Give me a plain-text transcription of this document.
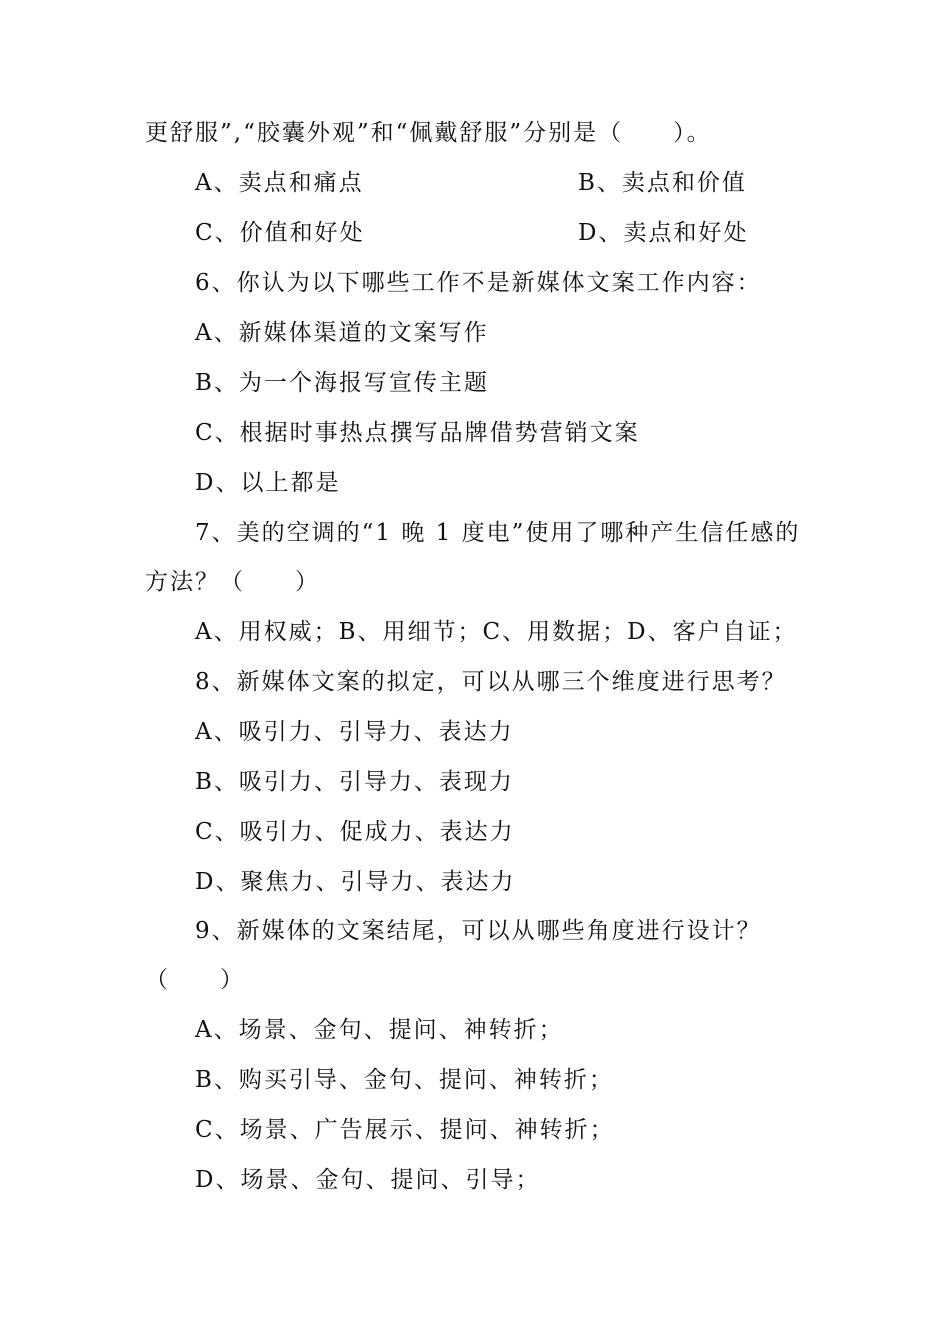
更舒服”,“胶囊外观”和“佩戴舒服”分别是（　　）。
A、卖点和痛点	B、卖点和价值
C、价值和好处	D、卖点和好处
6、你认为以下哪些工作不是新媒体文案工作内容：
A、新媒体渠道的文案写作
B、为一个海报写宣传主题
C、根据时事热点撰写品牌借势营销文案
D、以上都是
7、美的空调的“1 晚 1 度电”使用了哪种产生信任感的
方法？（　　）
A、用权威；B、用细节；C、用数据；D、客户自证；
8、新媒体文案的拟定，可以从哪三个维度进行思考？
A、吸引力、引导力、表达力
B、吸引力、引导力、表现力
C、吸引力、促成力、表达力
D、聚焦力、引导力、表达力
9、新媒体的文案结尾，可以从哪些角度进行设计？
（　　）
A、场景、金句、提问、神转折；
B、购买引导、金句、提问、神转折；
C、场景、广告展示、提问、神转折；
D、场景、金句、提问、引导；
